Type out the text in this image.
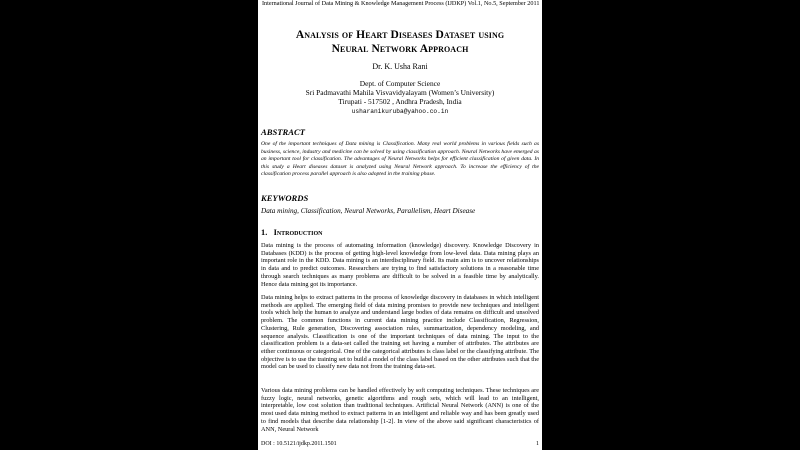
International Journal of Data Mining & Knowledge Management Process (IJDKP) Vol.1, No.5, September 2011
Analysis of Heart Diseases Dataset using
Neural Network Approach
Dr. K. Usha Rani
Dept. of Computer Science
Sri Padmavathi Mahila Visvavidyalayam (Women’s University)
Tirupati - 517502 , Andhra Pradesh, India
usharanikuruba@yahoo.co.in
ABSTRACT
One of the important techniques of Data mining is Classification. Many real world problems in various fields such as business, science, industry and medicine can be solved by using classification approach. Neural Networks have emerged as an important tool for classification. The advantages of Neural Networks helps for efficient classification of given data. In this study a Heart diseases dataset is analyzed using Neural Network approach. To increase the efficiency of the classification process parallel approach is also adopted in the training phase.
KEYWORDS
Data mining, Classification, Neural Networks, Parallelism, Heart Disease
1. Introduction
Data mining is the process of automating information (knowledge) discovery. Knowledge Discovery in Databases (KDD) is the process of getting high-level knowledge from low-level data. Data mining plays an important role in the KDD. Data mining is an interdisciplinary field. Its main aim is to uncover relationships in data and to predict outcomes. Researchers are trying to find satisfactory solutions in a reasonable time through search techniques as many problems are difficult to be solved in a feasible time by analytically. Hence data mining got its importance.
Data mining helps to extract patterns in the process of knowledge discovery in databases in which intelligent methods are applied. The emerging field of data mining promises to provide new techniques and intelligent tools which help the human to analyze and understand large bodies of data remains on difficult and unsolved problem. The common functions in current data mining practice include Classification, Regression, Clustering, Rule generation, Discovering association rules, summarization, dependency modeling, and sequence analysis. Classification is one of the important techniques of data mining. The input to the classification problem is a data-set called the training set having a number of attributes. The attributes are either continuous or categorical. One of the categorical attributes is class label or the classifying attribute. The objective is to use the training set to build a model of the class label based on the other attributes such that the model can be used to classify new data not from the training data-set.
Various data mining problems can be handled effectively by soft computing techniques. These techniques are fuzzy logic, neural networks, genetic algorithms and rough sets, which will lead to an intelligent, interpretable, low cost solution than traditional techniques. Artificial Neural Network (ANN) is one of the most used data mining method to extract patterns in an intelligent and reliable way and has been greatly used to find models that describe data relationship [1-2]. In view of the above said significant characteristics of ANN, Neural Network
DOI : 10.5121/ijdkp.2011.1501	1
